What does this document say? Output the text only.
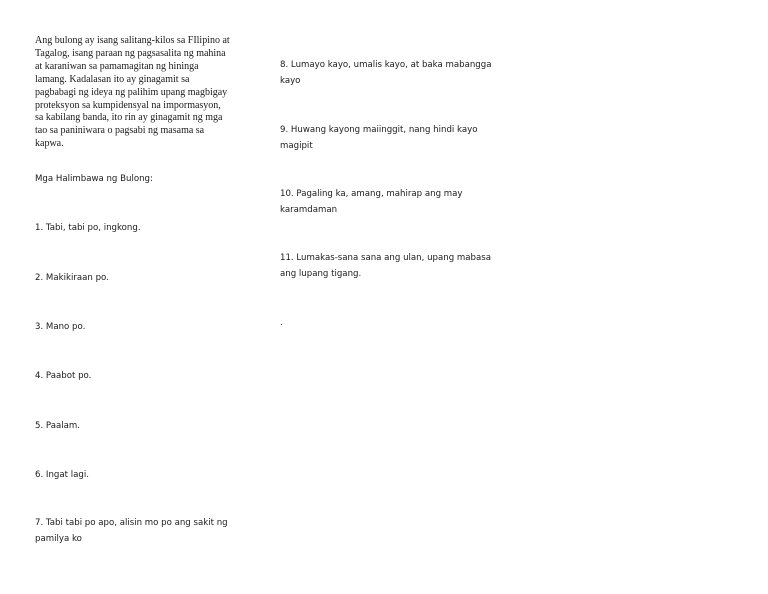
Ang bulong ay isang salitang-kilos sa FIlipino at
Tagalog, isang paraan ng pagsasalita ng mahina
at karaniwan sa pamamagitan ng hininga
lamang. Kadalasan ito ay ginagamit sa
pagbabagi ng ideya ng palihim upang magbigay
proteksyon sa kumpidensyal na impormasyon,
sa kabilang banda, ito rin ay ginagamit ng mga
tao sa paniniwara o pagsabi ng masama sa
kapwa.

Mga Halimbawa ng Bulong:

1. Tabi, tabi po, ingkong.

2. Makikiraan po.

3. Mano po.

4. Paabot po.

5. Paalam.

6. Ingat lagi.

7. Tabi tabi po apo, alisin mo po ang sakit ng
pamilya ko

8. Lumayo kayo, umalis kayo, at baka mabangga
kayo

9. Huwang kayong maiinggit, nang hindi kayo
magipit

10. Pagaling ka, amang, mahirap ang may
karamdaman

11. Lumakas-sana sana ang ulan, upang mabasa
ang lupang tigang.

.
